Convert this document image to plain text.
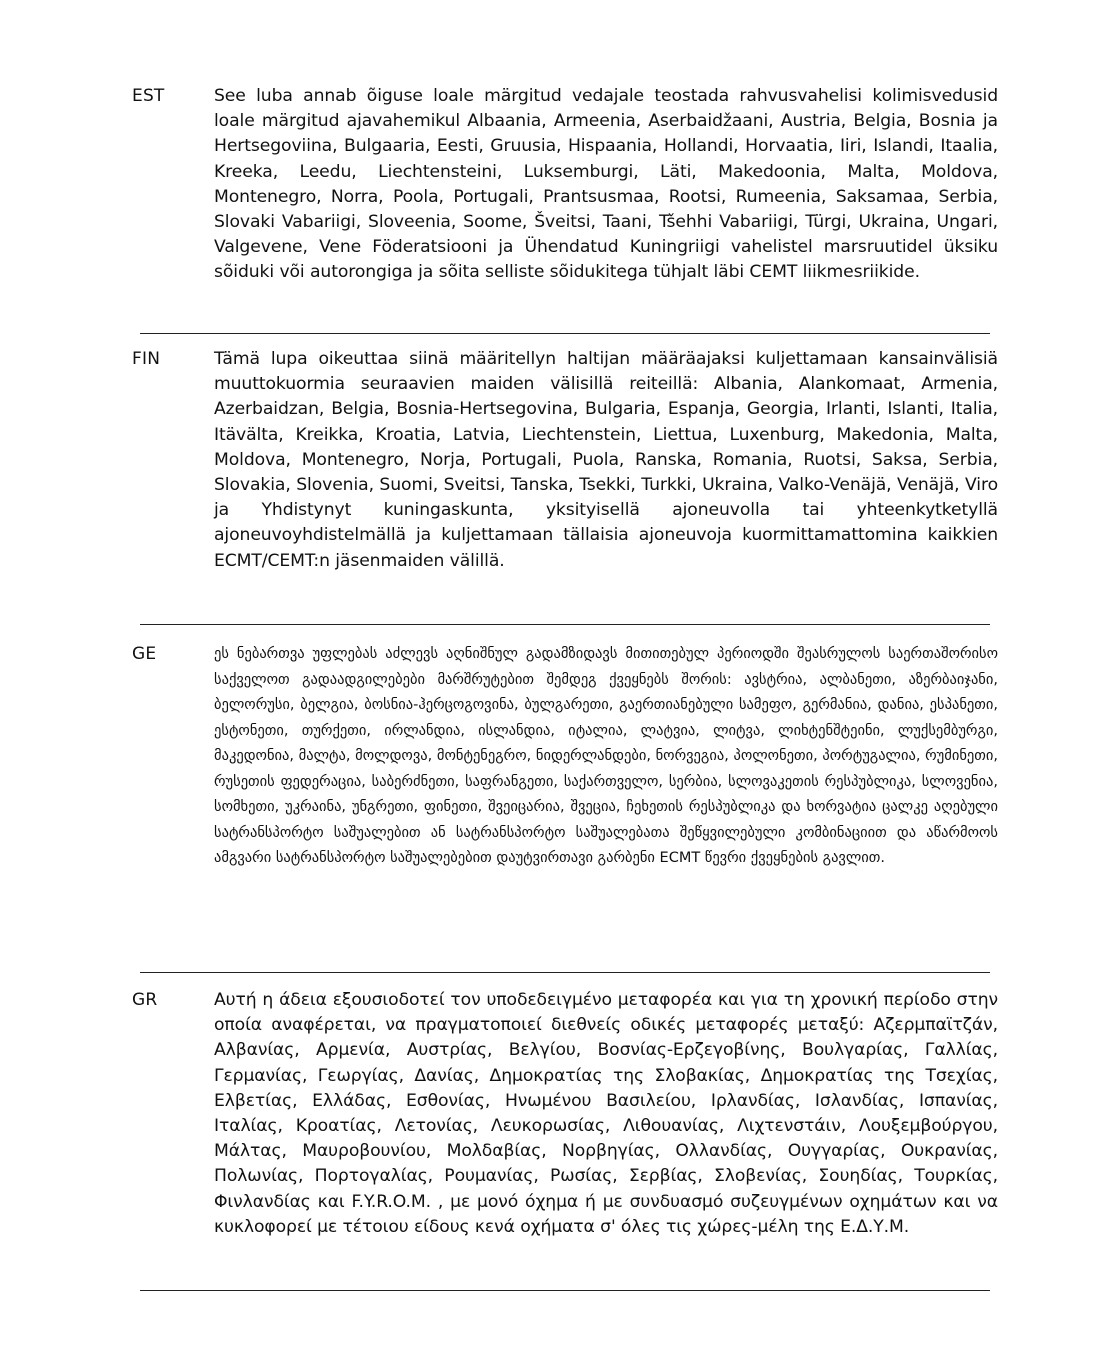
EST	See luba annab õiguse loale märgitud vedajale teostada rahvusvahelisi kolimisvedusid loale märgitud ajavahemikul Albaania, Armeenia, Aserbaidžaani, Austria, Belgia, Bosnia ja Hertsegoviina, Bulgaaria, Eesti, Gruusia, Hispaania, Hollandi, Horvaatia, Iiri, Islandi, Itaalia, Kreeka, Leedu, Liechtensteini, Luksemburgi, Läti, Makedoonia, Malta, Moldova, Montenegro, Norra, Poola, Portugali, Prantsusmaa, Rootsi, Rumeenia, Saksamaa, Serbia, Slovaki Vabariigi, Sloveenia, Soome, Šveitsi, Taani, Tšehhi Vabariigi, Türgi, Ukraina, Ungari, Valgevene, Vene Föderatsiooni ja Ühendatud Kuningriigi vahelistel marsruutidel üksiku sõiduki või autorongiga ja sõita selliste sõidukitega tühjalt läbi CEMT liikmesriikide.
FIN	Tämä lupa oikeuttaa siinä määritellyn haltijan määräajaksi kuljettamaan kansainvälisiä muuttokuormia seuraavien maiden välisillä reiteillä: Albania, Alankomaat, Armenia, Azerbaidzan, Belgia, Bosnia-Hertsegovina, Bulgaria, Espanja, Georgia, Irlanti, Islanti, Italia, Itävälta, Kreikka, Kroatia, Latvia, Liechtenstein, Liettua, Luxenburg, Makedonia, Malta, Moldova, Montenegro, Norja, Portugali, Puola, Ranska, Romania, Ruotsi, Saksa, Serbia, Slovakia, Slovenia, Suomi, Sveitsi, Tanska, Tsekki, Turkki, Ukraina, Valko-Venäjä, Venäjä, Viro ja Yhdistynyt kuningaskunta, yksityisellä ajoneuvolla tai yhteenkytketyllä ajoneuvoyhdistelmällä ja kuljettamaan tällaisia ajoneuvoja kuormittamattomina kaikkien ECMT/CEMT:n jäsenmaiden välillä.
GE	ეს ნებართვა უფლებას აძლევს აღნიშნულ გადამზიდავს მითითებულ პერიოდში შეასრულოს საერთაშორისო საქველოთ გადაადგილებები მარშრუტებით შემდეგ ქვეყნებს შორის: ავსტრია, ალბანეთი, აზერბაიჯანი, ბელორუსი, ბელგია, ბოსნია-ჰერცოგოვინა, ბულგარეთი, გაერთიანებული სამეფო, გერმანია, დანია, ესპანეთი, ესტონეთი, თურქეთი, ირლანდია, ისლანდია, იტალია, ლატვია, ლიტვა, ლიხტენშტეინი, ლუქსემბურგი, მაკედონია, მალტა, მოლდოვა, მონტენეგრო, ნიდერლანდები, ნორვეგია, პოლონეთი, პორტუგალია, რუმინეთი, რუსეთის ფედერაცია, საბერძნეთი, საფრანგეთი, საქართველო, სერბია, სლოვაკეთის რესპუბლიკა, სლოვენია, სომხეთი, უკრაინა, უნგრეთი, ფინეთი, შვეიცარია, შვეცია, ჩეხეთის რესპუბლიკა და ხორვატია ცალკე აღებული სატრანსპორტო საშუალებით ან სატრანსპორტო საშუალებათა შეწყვილებული კომბინაციით და აწარმოოს ამგვარი სატრანსპორტო საშუალებებით დაუტვირთავი გარბენი ECMT წევრი ქვეყნების გავლით.
GR	Αυτή η άδεια εξουσιοδοτεί τον υποδεδειγμένο μεταφορέα και για τη χρονική περίοδο στην οποία αναφέρεται, να πραγματοποιεί διεθνείς οδικές μεταφορές μεταξύ: Αζερμπαϊτζάν, Αλβανίας, Αρμενία, Αυστρίας, Βελγίου, Βοσνίας-Ερζεγοβίνης, Βουλγαρίας, Γαλλίας, Γερμανίας, Γεωργίας, Δανίας, Δημοκρατίας της Σλοβακίας, Δημοκρατίας της Τσεχίας, Ελβετίας, Ελλάδας, Εσθονίας, Ηνωμένου Βασιλείου, Ιρλανδίας, Ισλανδίας, Ισπανίας, Ιταλίας, Κροατίας, Λετονίας, Λευκορωσίας, Λιθουανίας, Λιχτενστάιν, Λουξεμβούργου, Μάλτας, Μαυροβουνίου, Μολδαβίας, Νορβηγίας, Ολλανδίας, Ουγγαρίας, Ουκρανίας, Πολωνίας, Πορτογαλίας, Ρουμανίας, Ρωσίας, Σερβίας, Σλοβενίας, Σουηδίας, Τουρκίας, Φινλανδίας και F.Y.R.O.M. , με μονό όχημα ή με συνδυασμό συζευγμένων οχημάτων και να κυκλοφορεί με τέτοιου είδους κενά οχήματα σ' όλες τις χώρες-μέλη της Ε.Δ.Υ.Μ.
